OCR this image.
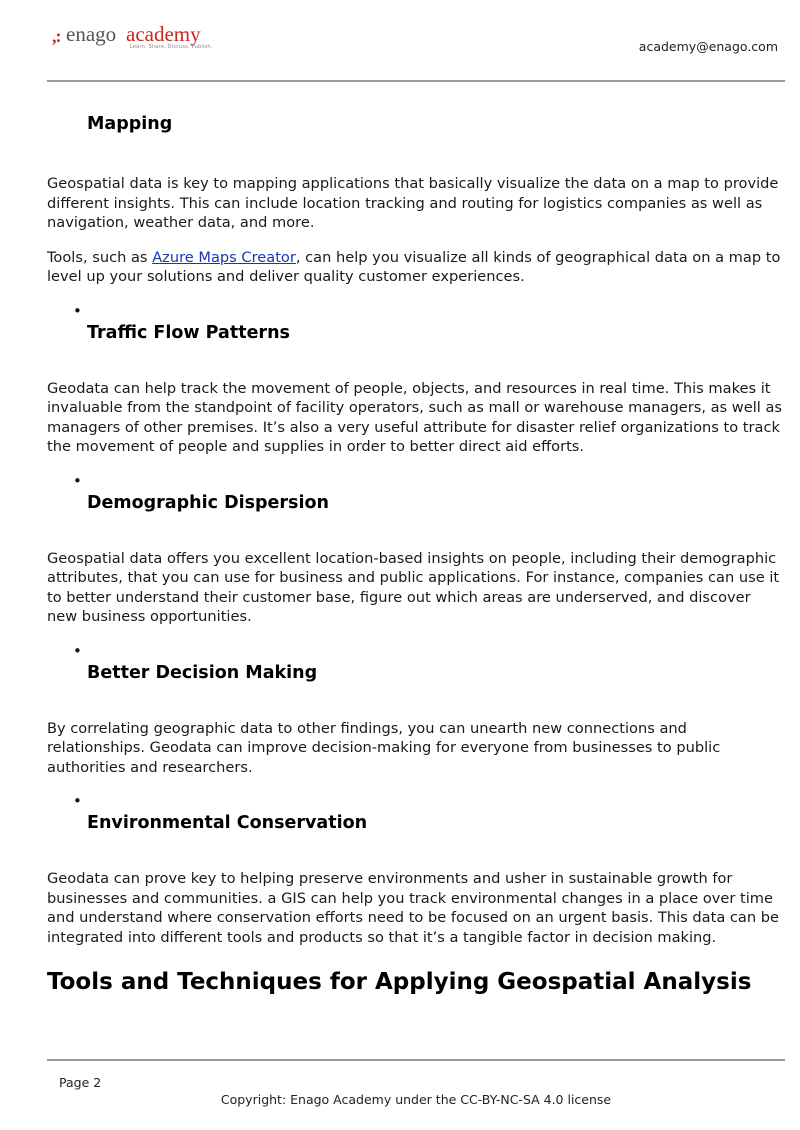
,: enago academy
Learn. Share. Discuss. Publish.	academy@enago.com
Mapping

Geospatial data is key to mapping applications that basically visualize the data on a map to provide different insights. This can include location tracking and routing for logistics companies as well as navigation, weather data, and more.

Tools, such as Azure Maps Creator, can help you visualize all kinds of geographical data on a map to level up your solutions and deliver quality customer experiences.

•
Traffic Flow Patterns

Geodata can help track the movement of people, objects, and resources in real time. This makes it invaluable from the standpoint of facility operators, such as mall or warehouse managers, as well as managers of other premises. It’s also a very useful attribute for disaster relief organizations to track the movement of people and supplies in order to better direct aid efforts.

•
Demographic Dispersion

Geospatial data offers you excellent location-based insights on people, including their demographic attributes, that you can use for business and public applications. For instance, companies can use it to better understand their customer base, figure out which areas are underserved, and discover new business opportunities.

•
Better Decision Making

By correlating geographic data to other findings, you can unearth new connections and relationships. Geodata can improve decision-making for everyone from businesses to public authorities and researchers.

•
Environmental Conservation

Geodata can prove key to helping preserve environments and usher in sustainable growth for businesses and communities. a GIS can help you track environmental changes in a place over time and understand where conservation efforts need to be focused on an urgent basis. This data can be integrated into different tools and products so that it’s a tangible factor in decision making.

Tools and Techniques for Applying Geospatial Analysis
Page 2
Copyright: Enago Academy under the CC-BY-NC-SA 4.0 license
